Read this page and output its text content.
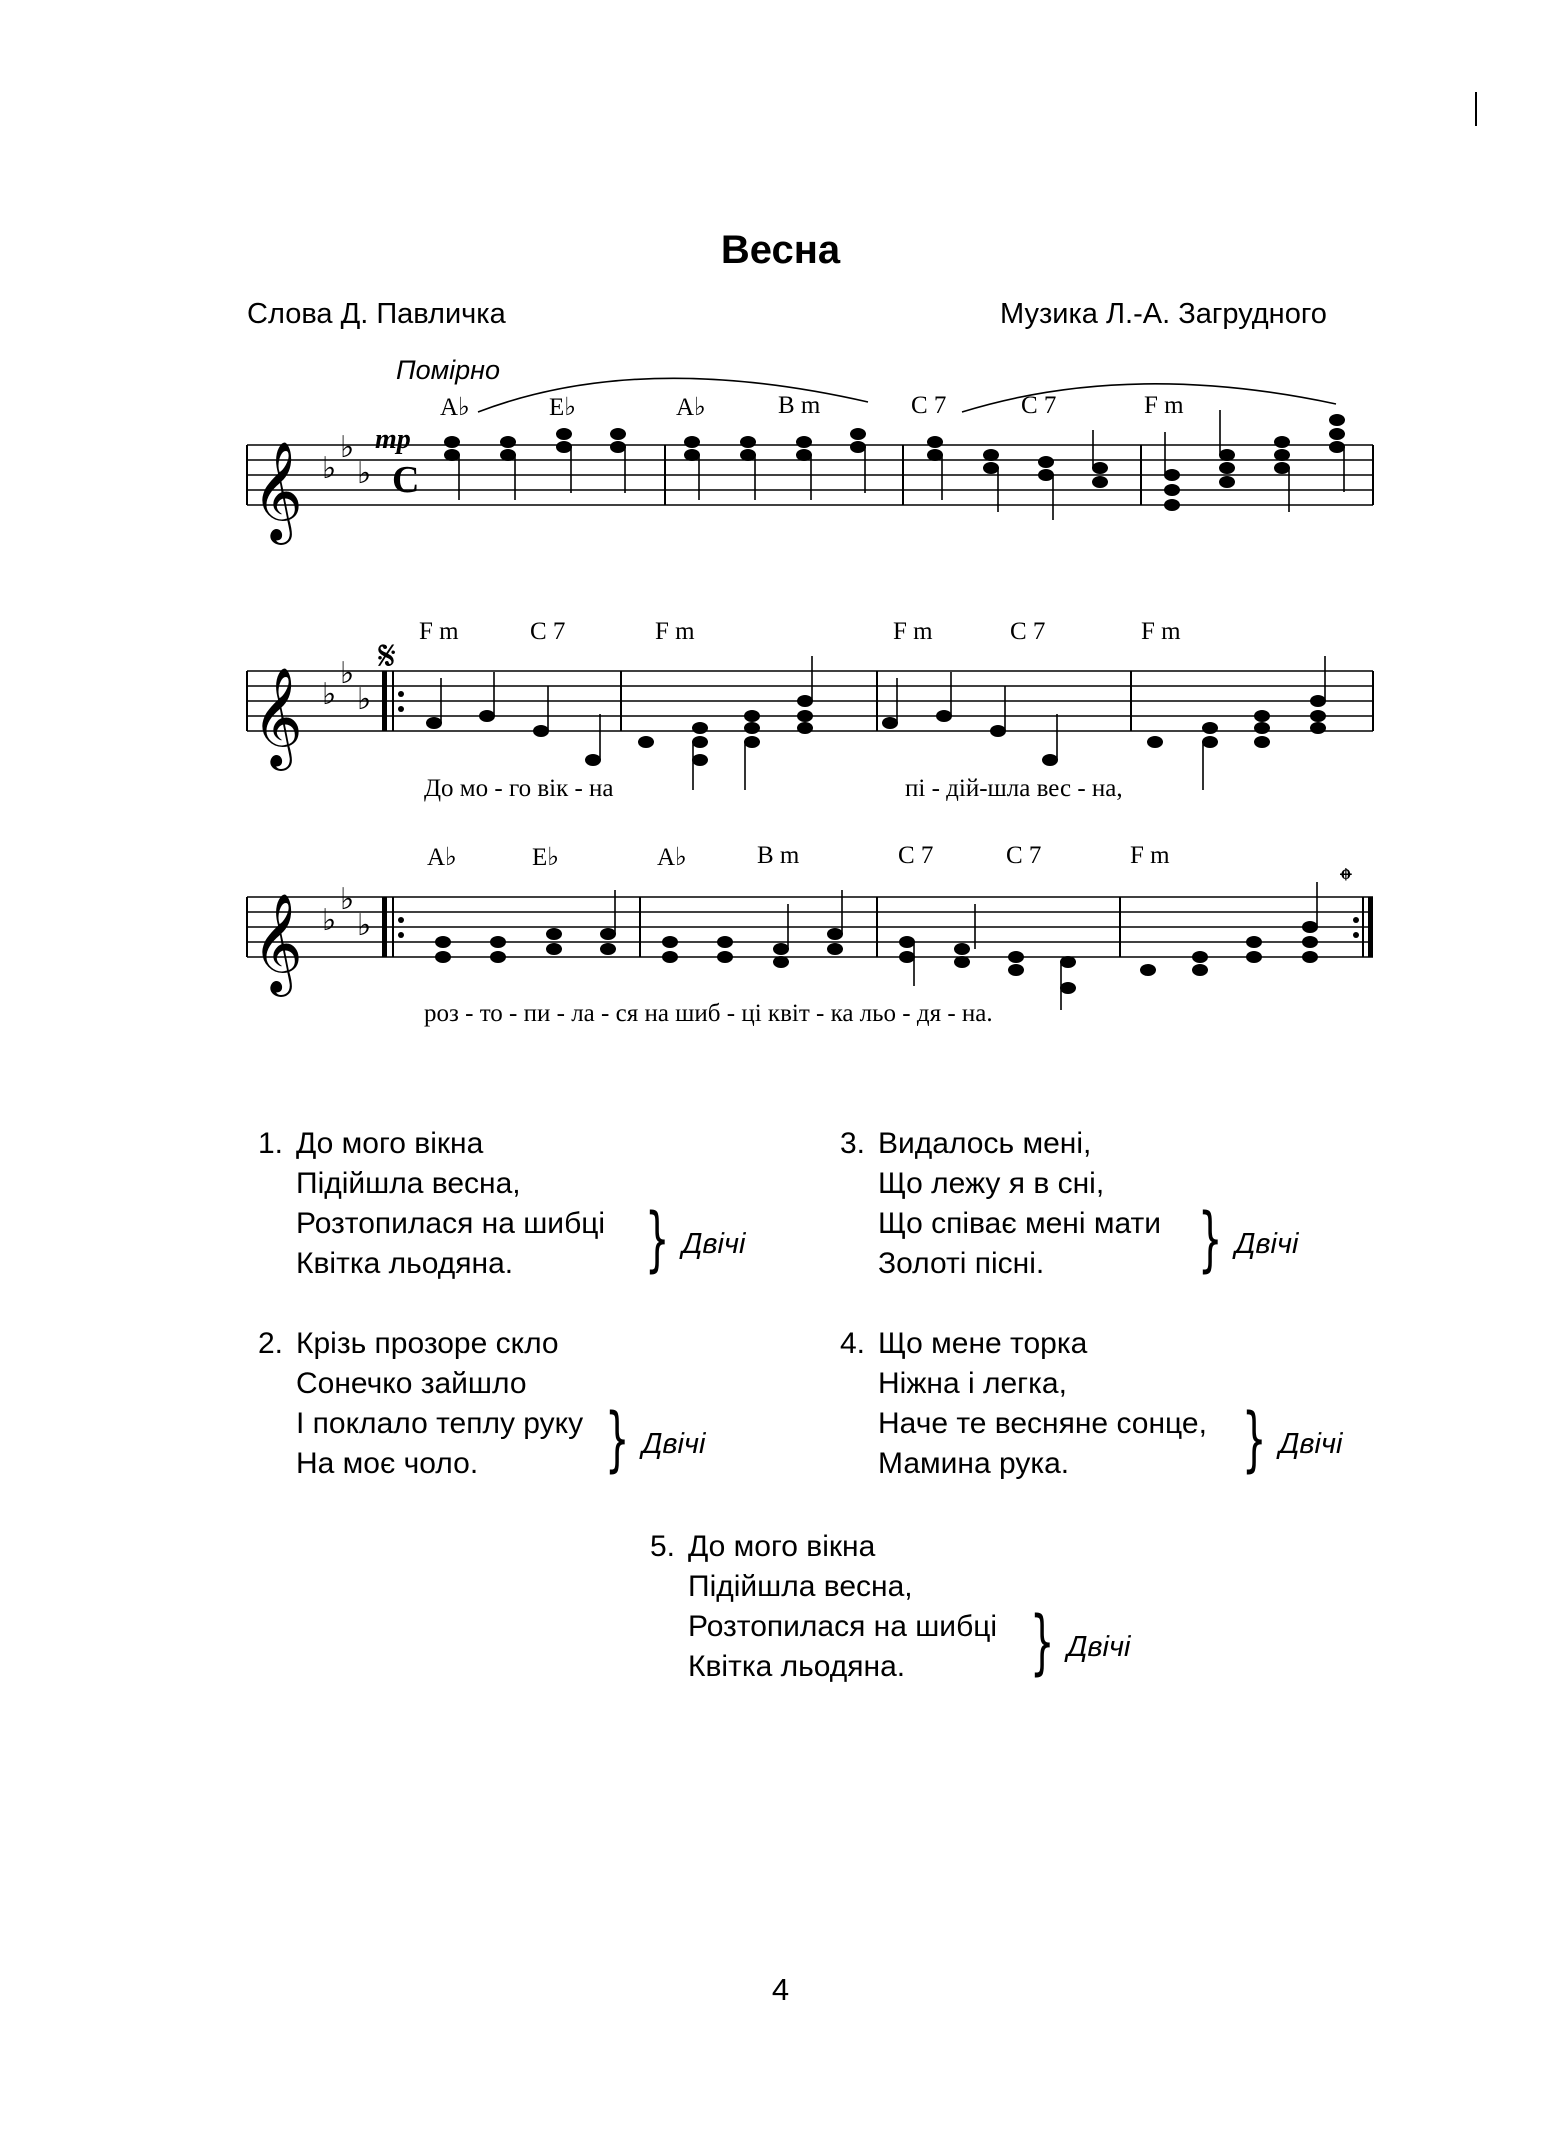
Весна
Слова Д. Павличка	Музика Л.-А. Загрудного
Помірно
A♭	E♭	A♭	B m	C 7	C 7	F m
F m	C 7	F m	F m	C 7	F m
A♭	E♭	A♭	B m	C 7	C 7	F m
𝄞
𝄞
𝄞
♭
♭
♭
♭
♭
♭
♭
♭
♭
C
mp
𝄋
𝄌
До мо - го вік - на	пі - дій-шла вес - на,
роз - то - пи - ла - ся на шиб - ці квіт - ка льо - дя - на.
1. До мого вікна
Підійшла весна,
Розтопилася на шибці
Квітка льодяна.	} Двічі
2. Крізь прозоре скло
Сонечко зайшло
І поклало теплу руку
На моє чоло.	} Двічі
3. Видалось мені,
Що лежу я в сні,
Що співає мені мати
Золоті пісні.	} Двічі
4. Що мене торка
Ніжна і легка,
Наче те весняне сонце,
Мамина рука.	} Двічі
5. До мого вікна
Підійшла весна,
Розтопилася на шибці
Квітка льодяна.	} Двічі
4
